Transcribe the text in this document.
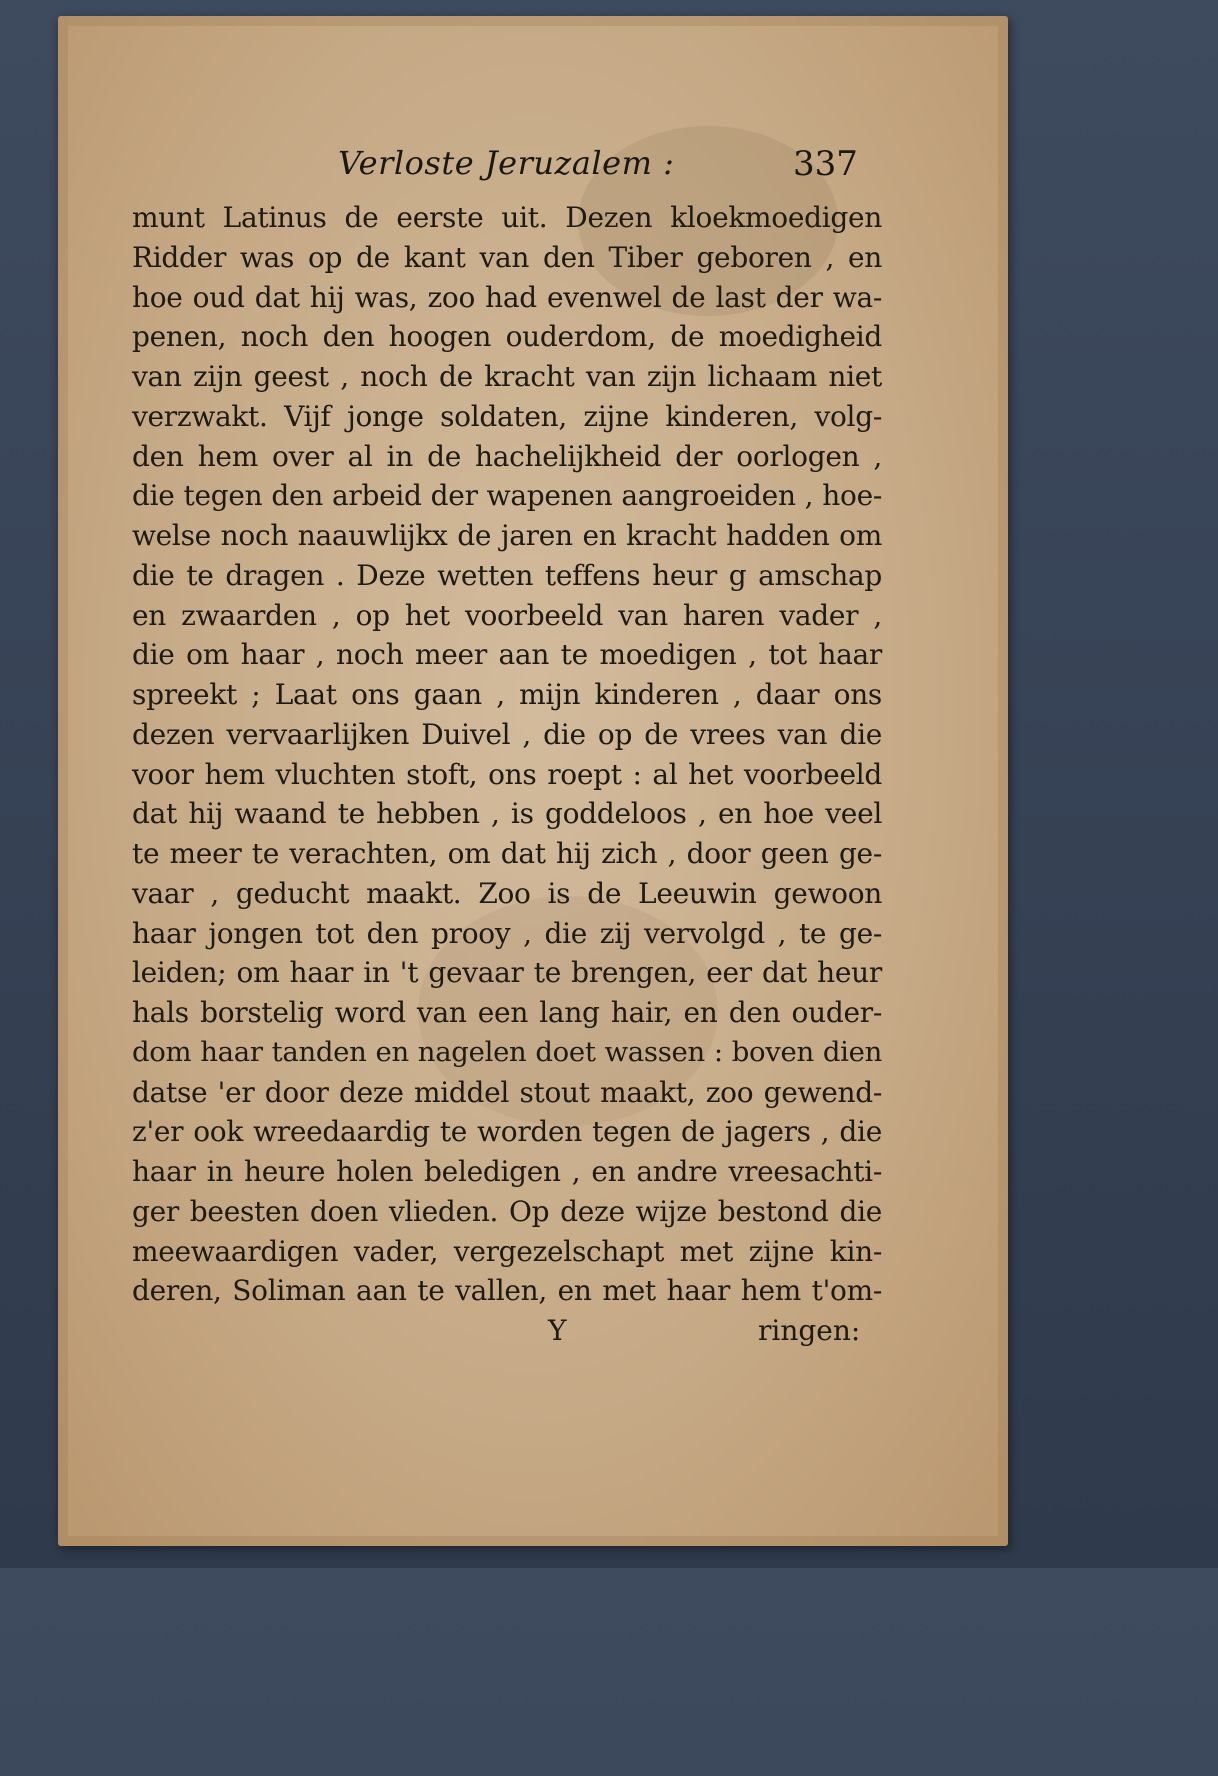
Verloste Jeruzalem :	337
munt Latinus de eerste uit. Dezen kloekmoedigen
Ridder was op de kant van den Tiber geboren , en
hoe oud dat hij was, zoo had evenwel de last der wa-
penen, noch den hoogen ouderdom, de moedigheid
van zijn geest , noch de kracht van zijn lichaam niet
verzwakt. Vijf jonge soldaten, zijne kinderen, volg-
den hem over al in de hachelijkheid der oorlogen ,
die tegen den arbeid der wapenen aangroeiden , hoe-
welse noch naauwlijkx de jaren en kracht hadden om
die te dragen . Deze wetten teffens heur g amschap
en zwaarden , op het voorbeeld van haren vader ,
die om haar , noch meer aan te moedigen , tot haar
spreekt ; Laat ons gaan , mijn kinderen , daar ons
dezen vervaarlijken Duivel , die op de vrees van die
voor hem vluchten stoft, ons roept : al het voorbeeld
dat hij waand te hebben , is goddeloos , en hoe veel
te meer te verachten, om dat hij zich , door geen ge-
vaar , geducht maakt. Zoo is de Leeuwin gewoon
haar jongen tot den prooy , die zij vervolgd , te ge-
leiden; om haar in 't gevaar te brengen, eer dat heur
hals borstelig word van een lang hair, en den ouder-
dom haar tanden en nagelen doet wassen : boven dien
datse 'er door deze middel stout maakt, zoo gewend-
z'er ook wreedaardig te worden tegen de jagers , die
haar in heure holen beledigen , en andre vreesachti-
ger beesten doen vlieden. Op deze wijze bestond die
meewaardigen vader, vergezelschapt met zijne kin-
deren, Soliman aan te vallen, en met haar hem t'om-
Y	ringen:
